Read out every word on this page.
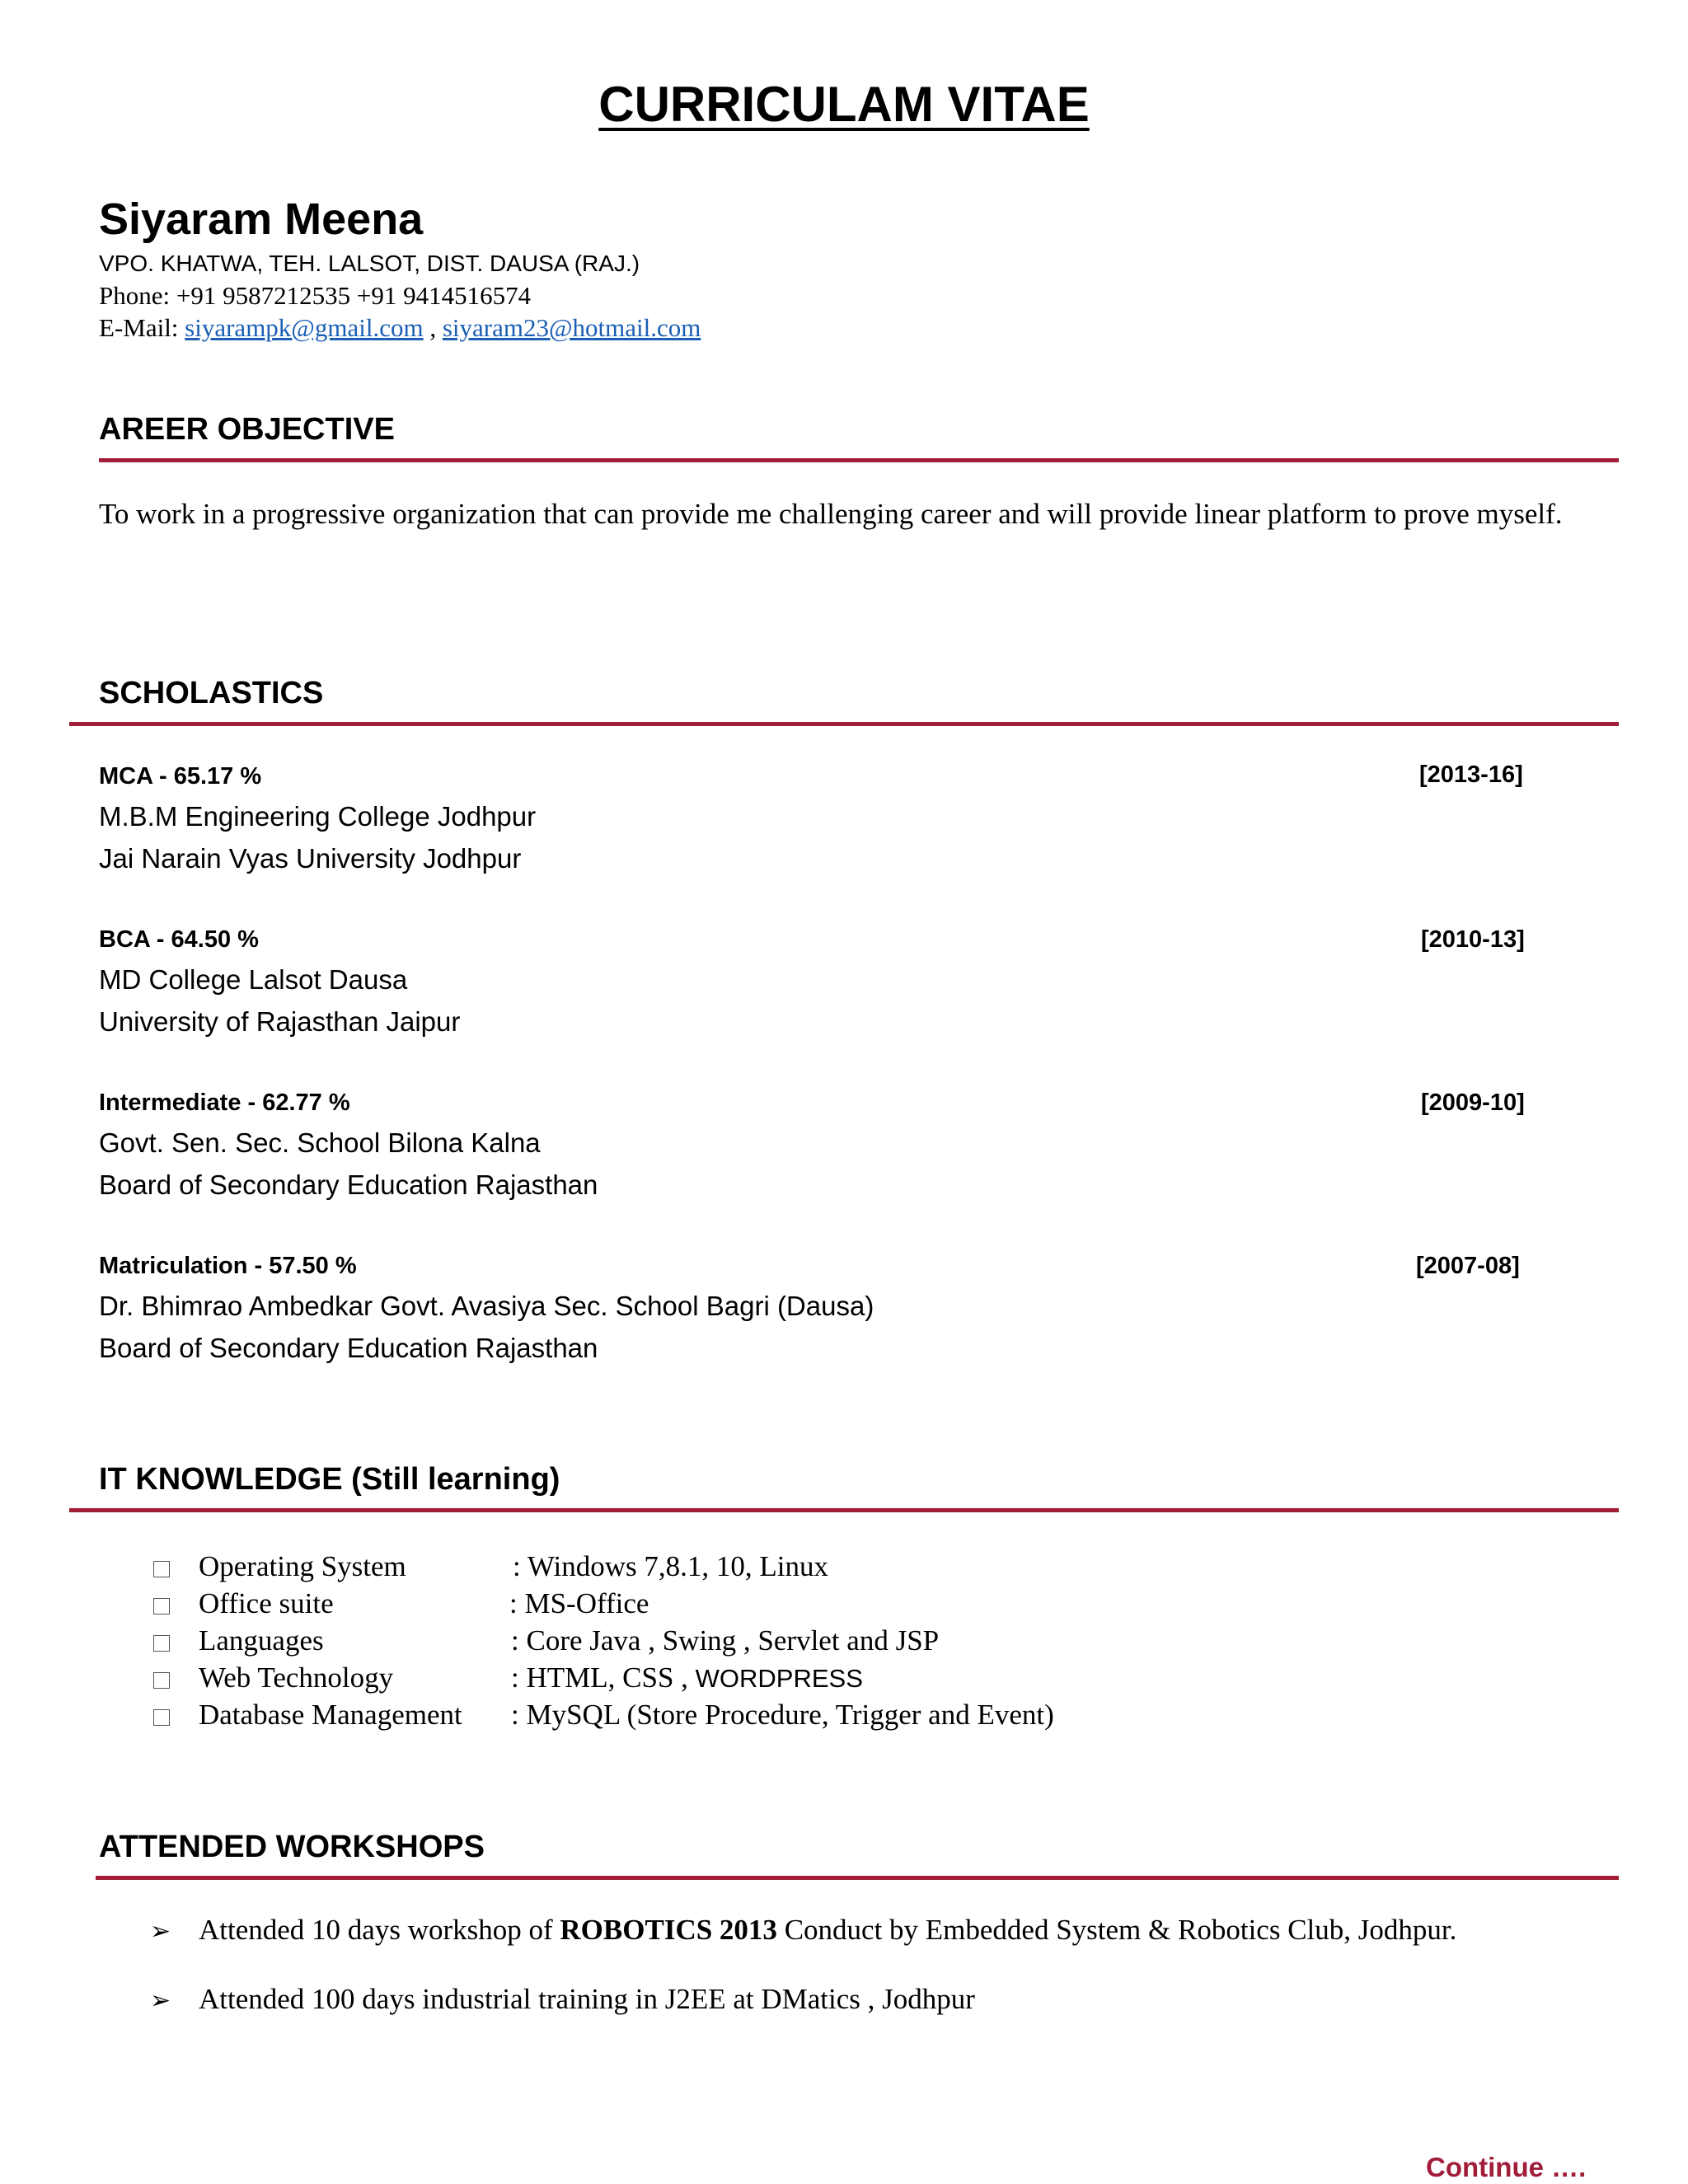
CURRICULAM VITAE
Siyaram Meena
VPO. KHATWA, TEH. LALSOT, DIST. DAUSA (RAJ.)
Phone: +91 9587212535 +91 9414516574
E-Mail: siyarampk@gmail.com , siyaram23@hotmail.com
AREER OBJECTIVE
To work in a progressive organization that can provide me challenging career and will provide linear platform to prove myself.
SCHOLASTICS
MCA - 65.17 %	[2013-16]
M.B.M Engineering College Jodhpur
Jai Narain Vyas University Jodhpur
BCA - 64.50 %	[2010-13]
MD College Lalsot Dausa
University of Rajasthan Jaipur
Intermediate - 62.77 %	[2009-10]
Govt. Sen. Sec. School Bilona Kalna
Board of Secondary Education Rajasthan
Matriculation - 57.50 %	[2007-08]
Dr. Bhimrao Ambedkar Govt. Avasiya Sec. School Bagri (Dausa)
Board of Secondary Education Rajasthan
IT KNOWLEDGE (Still learning)
Operating System	: Windows 7,8.1, 10, Linux
Office suite	: MS-Office
Languages	: Core Java , Swing , Servlet and JSP
Web Technology	: HTML, CSS , WORDPRESS
Database Management : MySQL (Store Procedure, Trigger and Event)
ATTENDED WORKSHOPS
➢ Attended 10 days workshop of ROBOTICS 2013 Conduct by Embedded System & Robotics Club, Jodhpur.
➢ Attended 100 days industrial training in J2EE at DMatics , Jodhpur
Continue ….
